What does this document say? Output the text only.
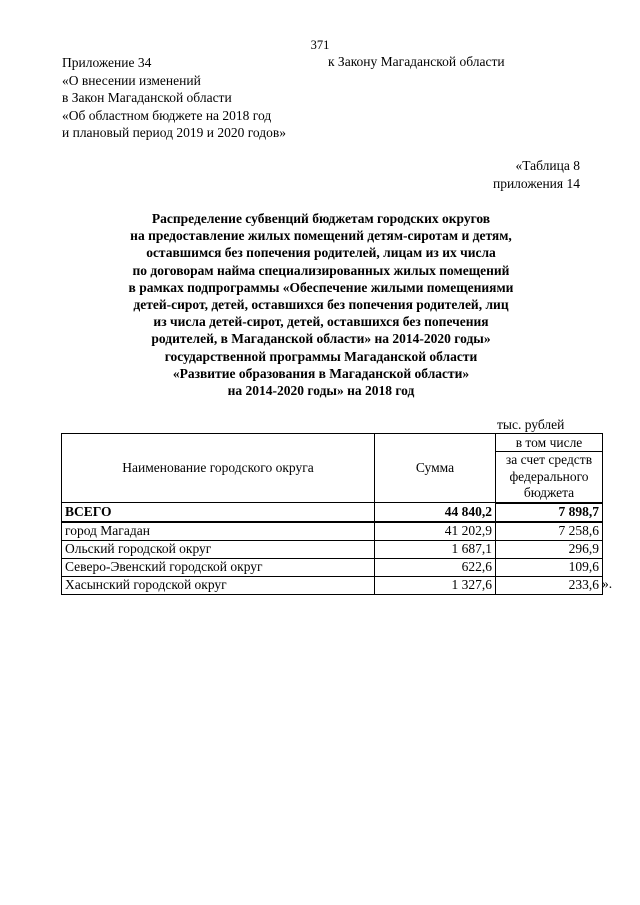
371
Приложение 34
«О внесении изменений
в Закон Магаданской области
«Об областном бюджете на 2018 год
и плановый период 2019 и 2020 годов»
к Закону Магаданской области
«Таблица 8
приложения 14
Распределение субвенций бюджетам городских округов
на предоставление жилых помещений детям-сиротам и детям,
оставшимся без попечения родителей, лицам из их числа
по договорам найма специализированных жилых помещений
в рамках подпрограммы «Обеспечение жилыми помещениями
детей-сирот, детей, оставшихся без попечения родителей, лиц
из числа детей-сирот, детей, оставшихся без попечения
родителей, в Магаданской области» на 2014-2020 годы»
государственной программы Магаданской области
«Развитие образования в Магаданской области»
на 2014-2020 годы» на 2018 год
тыс. рублей
Наименование городского округа	Сумма	в том числе

		за счет средств
федерального
бюджета

ВСЕГО	44 840,2	7 898,7
город Магадан	41 202,9	7 258,6
Ольский городской округ	1 687,1	296,9
Северо-Эвенский городской округ	622,6	109,6
Хасынский городской округ	1 327,6	233,6 ».
